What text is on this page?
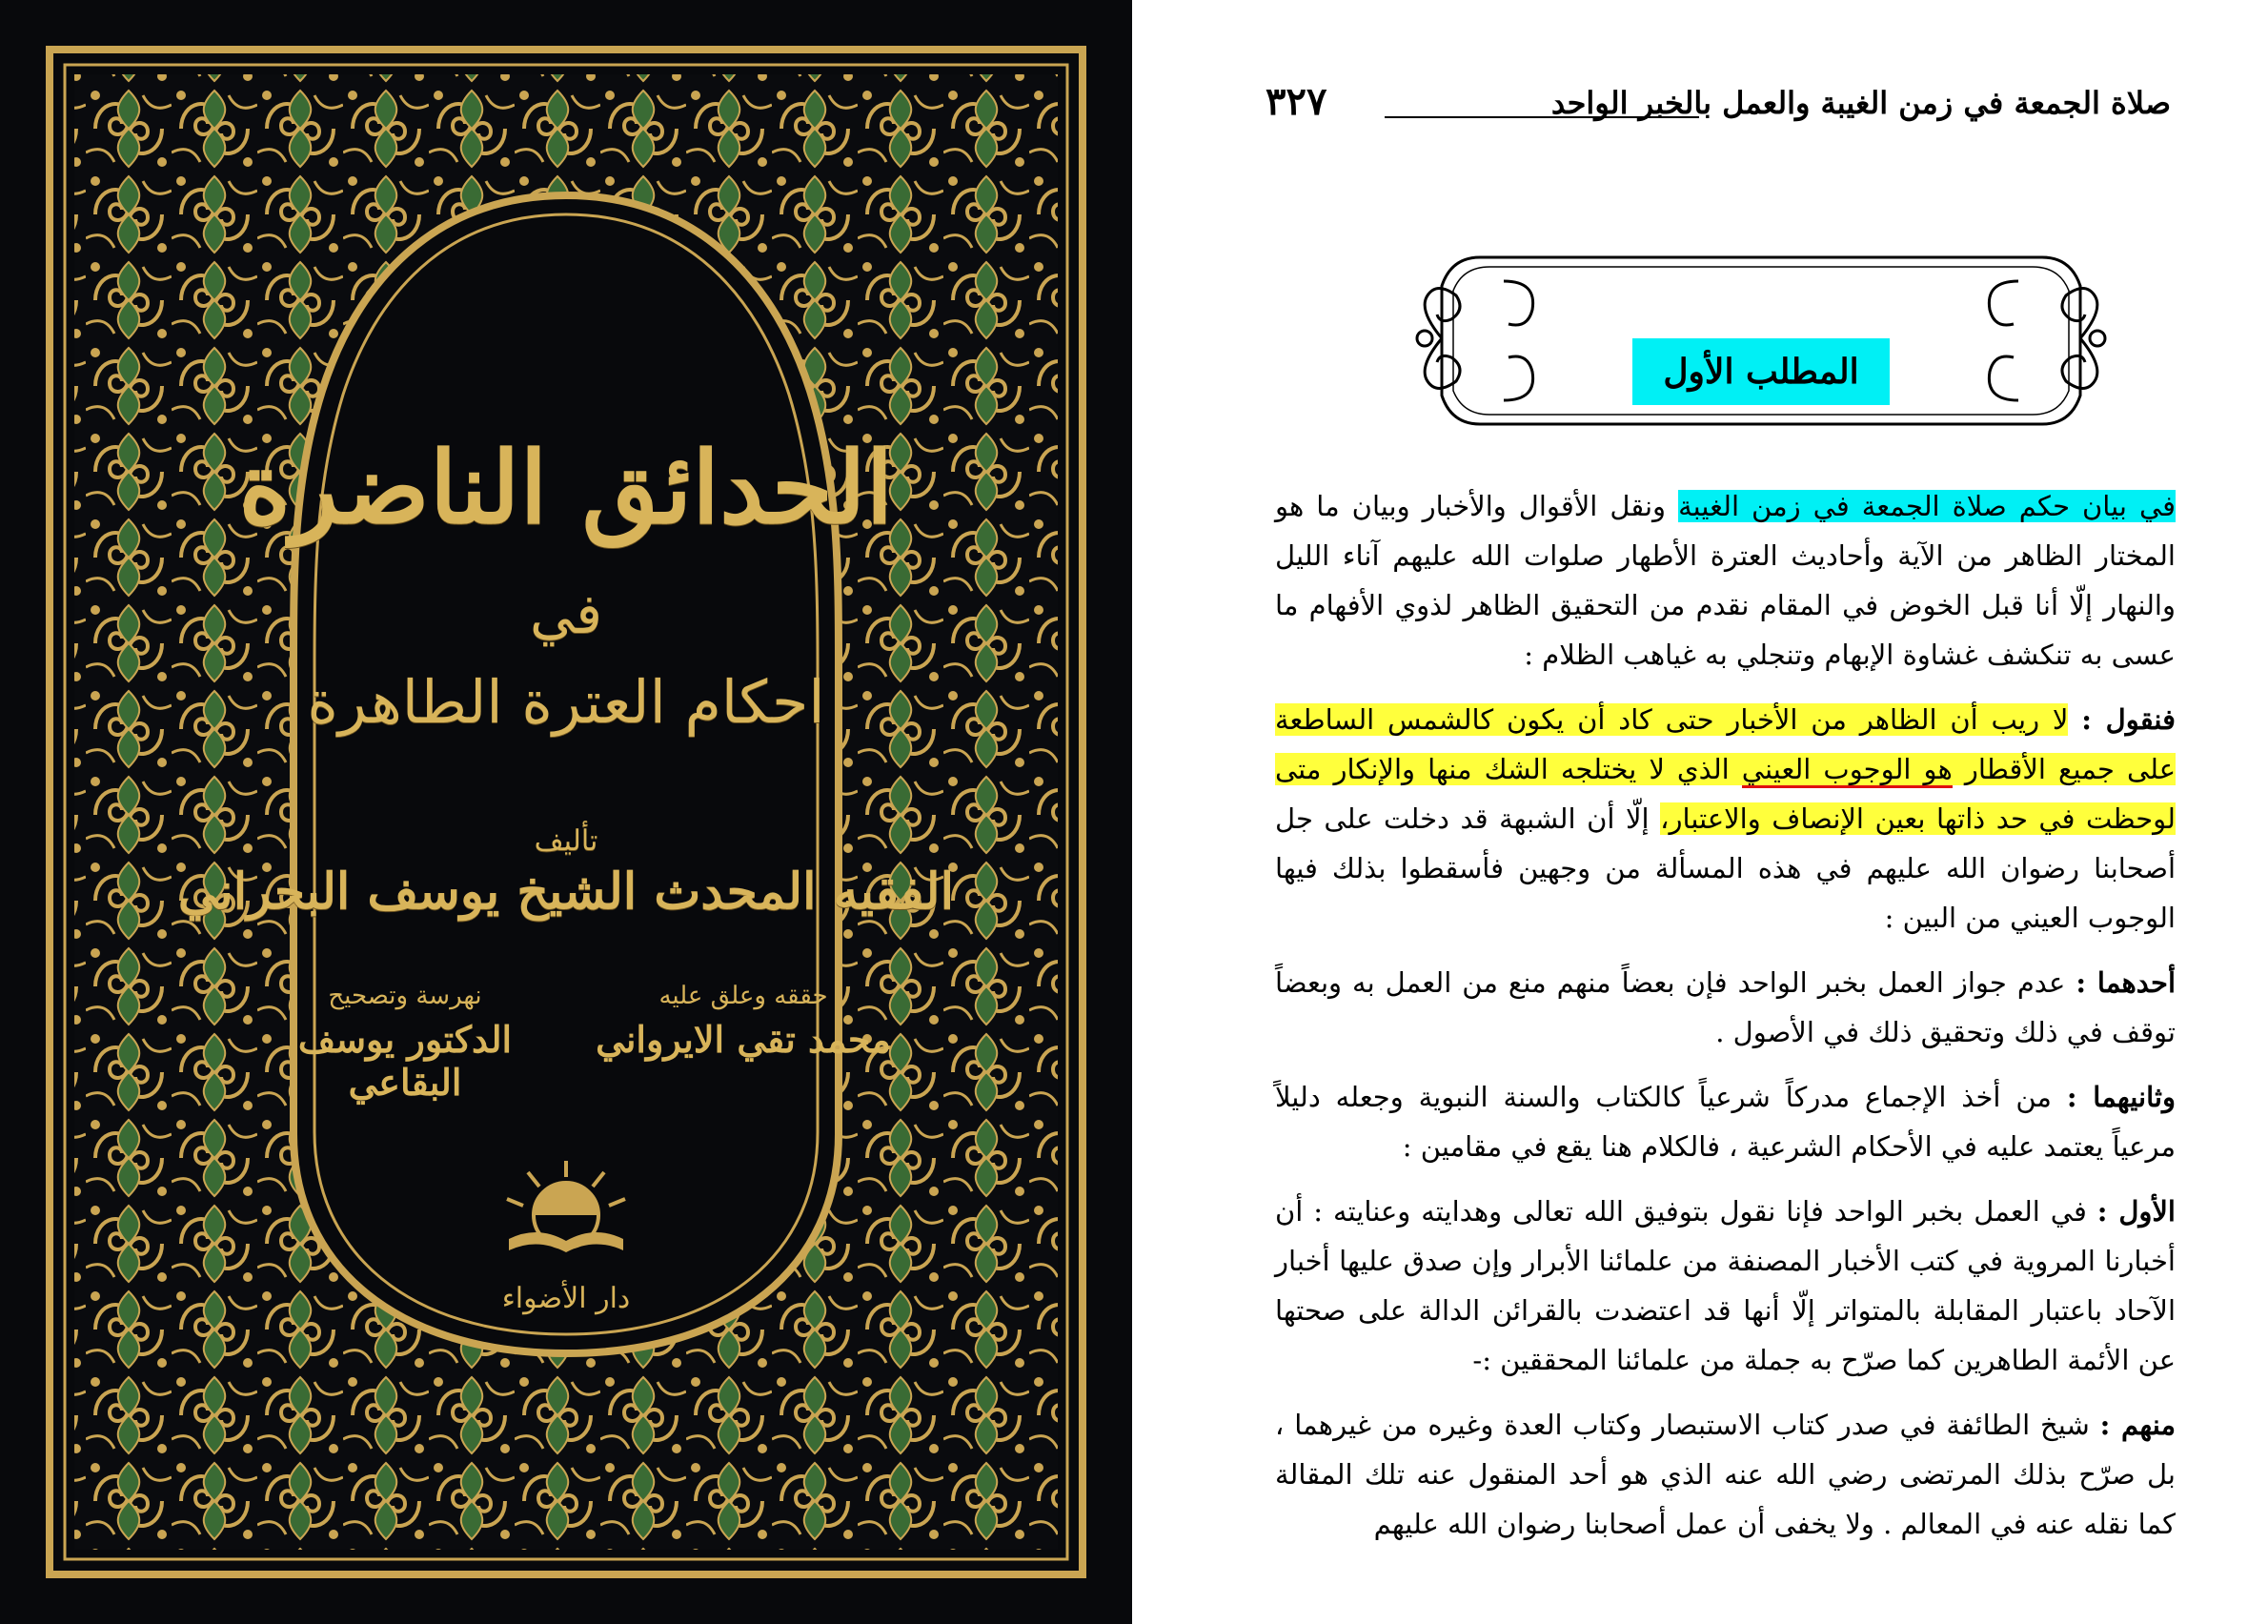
الحدائق الناضرة
في
احكام العترة الطاهرة
تأليف
الفقيه المحدث الشيخ يوسف البحراني
حققه وعلق عليه
محمد تقي الايرواني
نهرسة وتصحيح
الدكتور يوسف البقاعي
دار الأضواء
صلاة الجمعة في زمن الغيبة والعمل بالخبر الواحد
٣٢٧
المطلب الأول

في بيان حكم صلاة الجمعة في زمن الغيبة ونقل الأقوال والأخبار وبيان ما هو المختار الظاهر من الآية وأحاديث العترة الأطهار صلوات الله عليهم آناء الليل والنهار إلّا أنا قبل الخوض في المقام نقدم من التحقيق الظاهر لذوي الأفهام ما عسى به تنكشف غشاوة الإبهام وتنجلي به غياهب الظلام :

فنقول : لا ريب أن الظاهر من الأخبار حتى كاد أن يكون كالشمس الساطعة على جميع الأقطار هو الوجوب العيني الذي لا يختلجه الشك منها والإنكار متى لوحظت في حد ذاتها بعين الإنصاف والاعتبار، إلّا أن الشبهة قد دخلت على جل أصحابنا رضوان الله عليهم في هذه المسألة من وجهين فأسقطوا بذلك فيها الوجوب العيني من البين :

أحدهما : عدم جواز العمل بخبر الواحد فإن بعضاً منهم منع من العمل به وبعضاً توقف في ذلك وتحقيق ذلك في الأصول .

وثانيهما : من أخذ الإجماع مدركاً شرعياً كالكتاب والسنة النبوية وجعله دليلاً مرعياً يعتمد عليه في الأحكام الشرعية ، فالكلام هنا يقع في مقامين :

الأول : في العمل بخبر الواحد فإنا نقول بتوفيق الله تعالى وهدايته وعنايته : أن أخبارنا المروية في كتب الأخبار المصنفة من علمائنا الأبرار وإن صدق عليها أخبار الآحاد باعتبار المقابلة بالمتواتر إلّا أنها قد اعتضدت بالقرائن الدالة على صحتها عن الأئمة الطاهرين كما صرّح به جملة من علمائنا المحققين :-

منهم : شيخ الطائفة في صدر كتاب الاستبصار وكتاب العدة وغيره من غيرهما ، بل صرّح بذلك المرتضى رضي الله عنه الذي هو أحد المنقول عنه تلك المقالة كما نقله عنه في المعالم . ولا يخفى أن عمل أصحابنا رضوان الله عليهم
